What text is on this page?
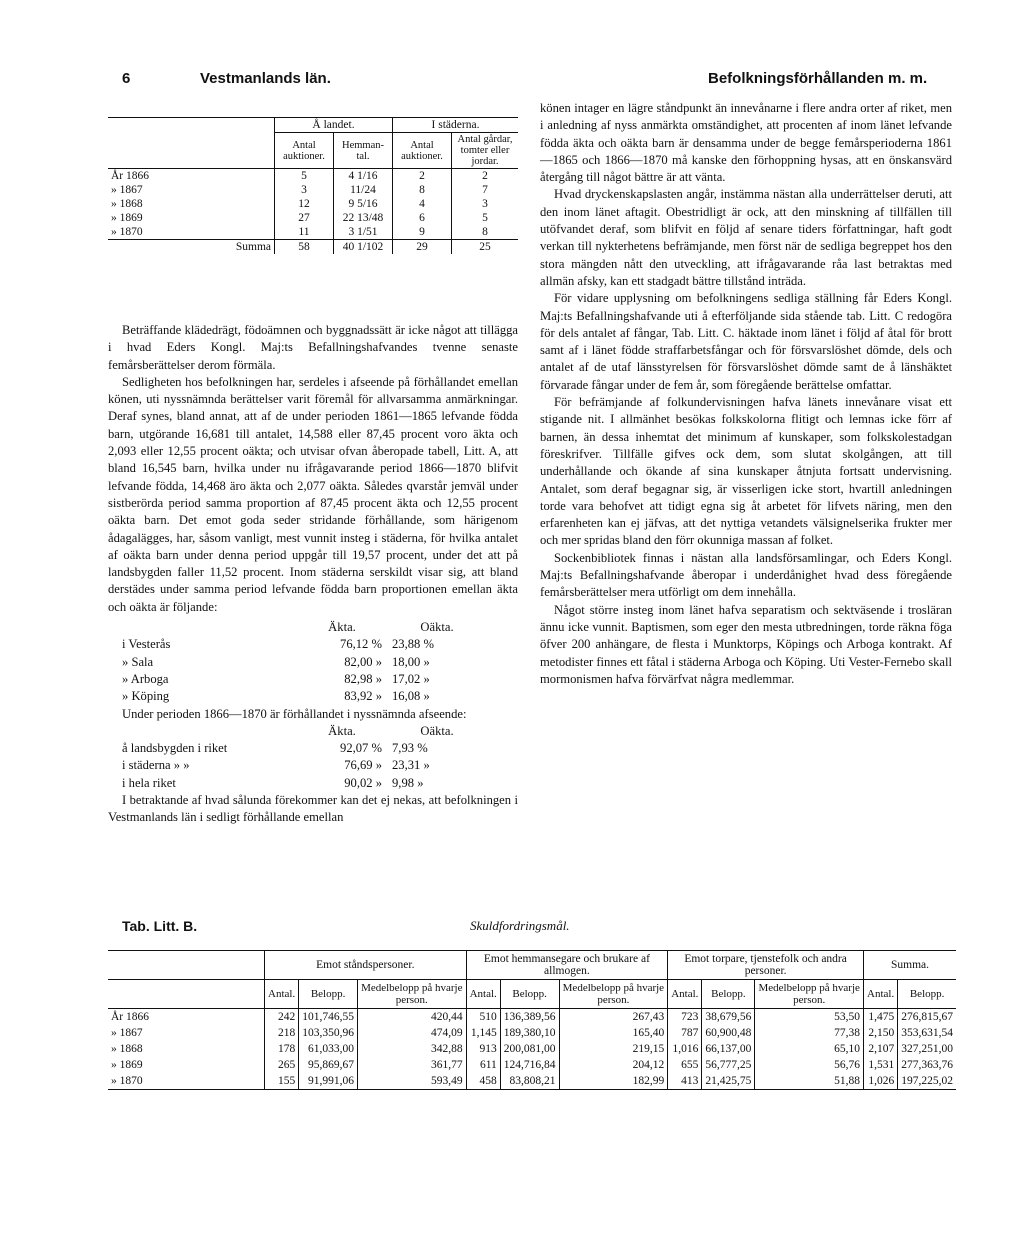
6	Vestmanlands län.	Befolkningsförhållanden m. m.
	Å landet.		I städerna.	
	Antal auktioner.	Hemman-tal.	Antal auktioner.	Antal gårdar, tomter eller jordar.
År 1866	5	4 1/16	2	2
» 1867	3	11/24	8	7
» 1868	12	9 5/16	4	3
» 1869	27	22 13/48	6	5
» 1870	11	3 1/51	9	8
Summa	58	40 1/102	29	25

Beträffande klädedrägt, födoämnen och byggnadssätt är icke något att tillägga i hvad Eders Kongl. Maj:ts Befallningshafvandes tvenne senaste femårsberättelser derom förmäla.

Sedligheten hos befolkningen har, serdeles i afseende på förhållandet emellan könen, uti nyssnämnda berättelser varit föremål för allvarsamma anmärkningar. Deraf synes, bland annat, att af de under perioden 1861—1865 lefvande födda barn, utgörande 16,681 till antalet, 14,588 eller 87,45 procent voro äkta och 2,093 eller 12,55 procent oäkta; och utvisar ofvan åberopade tabell, Litt. A, att bland 16,545 barn, hvilka under nu ifrågavarande period 1866—1870 blifvit lefvande födda, 14,468 äro äkta och 2,077 oäkta. Således qvarstår jemväl under sistberörda period samma proportion af 87,45 procent äkta och 12,55 procent oäkta barn. Det emot goda seder stridande förhållande, som härigenom ådagalägges, har, såsom vanligt, mest vunnit insteg i städerna, för hvilka antalet af oäkta barn under denna period uppgår till 19,57 procent, under det att på landsbygden faller 11,52 procent. Inom städerna serskildt visar sig, att bland derstädes under samma period lefvande födda barn proportionen emellan äkta och oäkta är följande:

Äkta.	Oäkta.
i Vesterås	76,12 % 23,88 %
» Sala	82,00 » 18,00 »
» Arboga	82,98 » 17,02 »
» Köping	83,92 » 16,08 »

Under perioden 1866—1870 är förhållandet i nyssnämnda afseende:

Äkta.	Oäkta.
å landsbygden i riket	92,07 % 7,93 %
i städerna » »	76,69 » 23,31 »
i hela riket	90,02 » 9,98 »

I betraktande af hvad sålunda förekommer kan det ej nekas, att befolkningen i Vestmanlands län i sedligt förhållande emellan

könen intager en lägre ståndpunkt än innevånarne i flere andra orter af riket, men i anledning af nyss anmärkta omständighet, att procenten af inom länet lefvande födda äkta och oäkta barn är densamma under de begge femårsperioderna 1861—1865 och 1866—1870 må kanske den förhoppning hysas, att en önskansvärd återgång till något bättre är att vänta.

Hvad dryckenskapslasten angår, instämma nästan alla underrättelser deruti, att den inom länet aftagit. Obestridligt är ock, att den minskning af tillfällen till utöfvandet deraf, som blifvit en följd af senare tiders författningar, haft godt verkan till nykterhetens befrämjande, men först när de sedliga begreppet hos den stora mängden nått den utveckling, att ifrågavarande råa last betraktas med allmän afsky, kan ett stadgadt bättre tillstånd inträda.

För vidare upplysning om befolkningens sedliga ställning får Eders Kongl. Maj:ts Befallningshafvande uti å efterföljande sida stående tab. Litt. C redogöra för dels antalet af fångar, Tab. Litt. C. häktade inom länet i följd af åtal för brott samt af i länet födde straffarbetsfångar och för försvarslöshet dömde, dels och antalet af de utaf länsstyrelsen för försvarslöshet dömde samt de å länshäktet förvarade fångar under de fem år, som föregående berättelse omfattar.

För befrämjande af folkundervisningen hafva länets innevånare visat ett stigande nit. I allmänhet besökas folkskolorna flitigt och lemnas icke förr af barnen, än dessa inhemtat det minimum af kunskaper, som folkskolestadgan föreskrifver. Tillfälle gifves ock dem, som slutat skolgången, att till underhållande och ökande af sina kunskaper åtnjuta fortsatt undervisning. Antalet, som deraf begagnar sig, är visserligen icke stort, hvartill anledningen torde vara behofvet att tidigt egna sig åt arbetet för lifvets näring, men den erfarenheten kan ej jäfvas, att det nyttiga vetandets välsignelserika frukter mer och mer spridas bland den förr okunniga massan af folket.

Sockenbibliotek finnas i nästan alla landsförsamlingar, och Eders Kongl. Maj:ts Befallningshafvande åberopar i underdånighet hvad dess föregående femårsberättelser mera utförligt om dem innehålla.

Något större insteg inom länet hafva separatism och sektväsende i trosläran ännu icke vunnit. Baptismen, som eger den mesta utbredningen, torde räkna föga öfver 200 anhängare, de flesta i Munktorps, Köpings och Arboga kontrakt. Af metodister finnes ett fåtal i städerna Arboga och Köping. Uti Vester-Fernebo skall mormonismen hafva förvärfvat några medlemmar.

Tab. Litt. B.	Skuldfordringsmål.
	Emot ståndspersoner.			Emot hemmansegare och brukare af allmogen.			Emot torpare, tjenstefolk och andra personer.			Summa.	
	Antal.	Belopp.	Medelbelopp på hvarje person.	Antal.	Belopp.	Medelbelopp på hvarje person.	Antal.	Belopp.	Medelbelopp på hvarje person.	Antal.	Belopp.
År 1866	242	101,746,55	420,44	510	136,389,56	267,43	723	38,679,56	53,50	1,475	276,815,67
» 1867	218	103,350,96	474,09	1,145	189,380,10	165,40	787	60,900,48	77,38	2,150	353,631,54
» 1868	178	61,033,00	342,88	913	200,081,00	219,15	1,016	66,137,00	65,10	2,107	327,251,00
» 1869	265	95,869,67	361,77	611	124,716,84	204,12	655	56,777,25	56,76	1,531	277,363,76
» 1870	155	91,991,06	593,49	458	83,808,21	182,99	413	21,425,75	51,88	1,026	197,225,02
